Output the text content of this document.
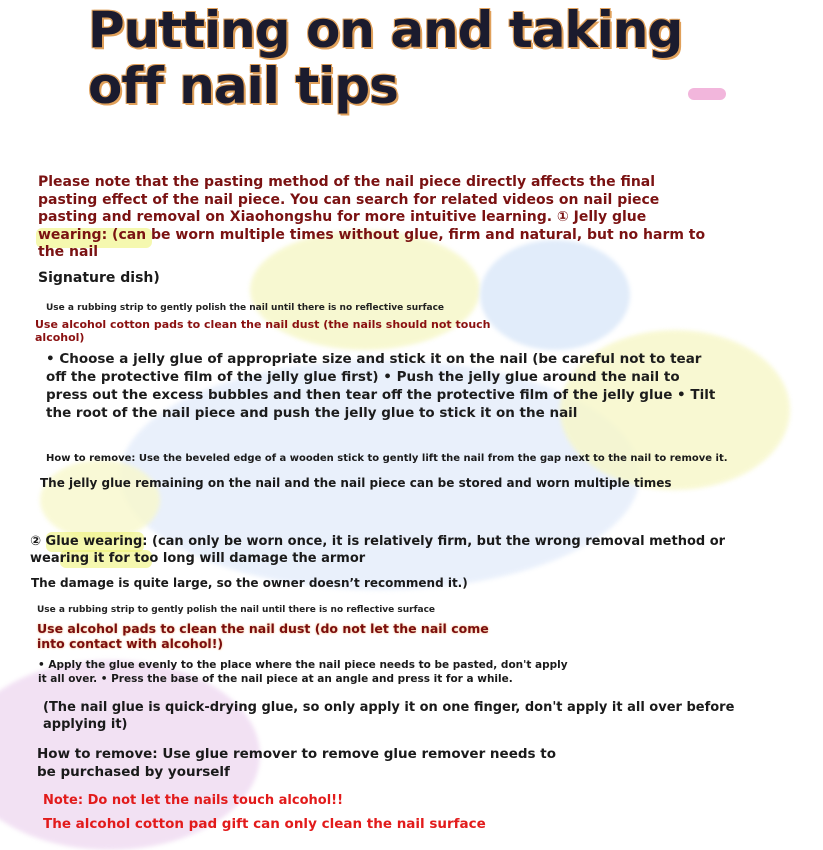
Putting on and taking off nail tips

Please note that the pasting method of the nail piece directly affects the final pasting effect of the nail piece. You can search for related videos on nail piece pasting and removal on Xiaohongshu for more intuitive learning. ① Jelly glue wearing: (can be worn multiple times without glue, firm and natural, but no harm to the nail

Signature dish)

Use a rubbing strip to gently polish the nail until there is no reflective surface

Use alcohol cotton pads to clean the nail dust (the nails should not touch alcohol)

• Choose a jelly glue of appropriate size and stick it on the nail (be careful not to tear off the protective film of the jelly glue first) • Push the jelly glue around the nail to press out the excess bubbles and then tear off the protective film of the jelly glue • Tilt the root of the nail piece and push the jelly glue to stick it on the nail

How to remove: Use the beveled edge of a wooden stick to gently lift the nail from the gap next to the nail to remove it.

The jelly glue remaining on the nail and the nail piece can be stored and worn multiple times

② Glue wearing: (can only be worn once, it is relatively firm, but the wrong removal method or wearing it for too long will damage the armor

The damage is quite large, so the owner doesn’t recommend it.)

Use a rubbing strip to gently polish the nail until there is no reflective surface

Use alcohol pads to clean the nail dust (do not let the nail come into contact with alcohol!)

• Apply the glue evenly to the place where the nail piece needs to be pasted, don't apply it all over. • Press the base of the nail piece at an angle and press it for a while.

(The nail glue is quick-drying glue, so only apply it on one finger, don't apply it all over before applying it)

How to remove: Use glue remover to remove glue remover needs to be purchased by yourself

Note: Do not let the nails touch alcohol!!

The alcohol cotton pad gift can only clean the nail surface
